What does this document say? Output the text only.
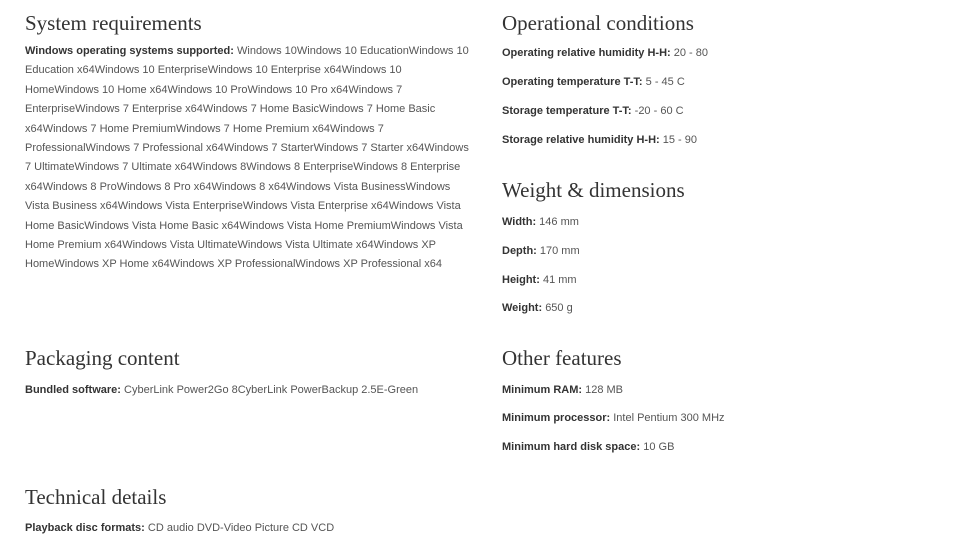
System requirements

Windows operating systems supported: Windows 10Windows 10 EducationWindows 10 Education x64Windows 10 EnterpriseWindows 10 Enterprise x64Windows 10 HomeWindows 10 Home x64Windows 10 ProWindows 10 Pro x64Windows 7 EnterpriseWindows 7 Enterprise x64Windows 7 Home BasicWindows 7 Home Basic x64Windows 7 Home PremiumWindows 7 Home Premium x64Windows 7 ProfessionalWindows 7 Professional x64Windows 7 StarterWindows 7 Starter x64Windows 7 UltimateWindows 7 Ultimate x64Windows 8Windows 8 EnterpriseWindows 8 Enterprise x64Windows 8 ProWindows 8 Pro x64Windows 8 x64Windows Vista BusinessWindows Vista Business x64Windows Vista EnterpriseWindows Vista Enterprise x64Windows Vista Home BasicWindows Vista Home Basic x64Windows Vista Home PremiumWindows Vista Home Premium x64Windows Vista UltimateWindows Vista Ultimate x64Windows XP HomeWindows XP Home x64Windows XP ProfessionalWindows XP Professional x64

Operational conditions
Operating relative humidity H-H: 20 - 80
Operating temperature T-T: 5 - 45 C
Storage temperature T-T: -20 - 60 C
Storage relative humidity H-H: 15 - 90
Weight & dimensions
Width: 146 mm
Depth: 170 mm
Height: 41 mm
Weight: 650 g
Packaging content
Bundled software: CyberLink Power2Go 8CyberLink PowerBackup 2.5E-Green
Other features
Minimum RAM: 128 MB
Minimum processor: Intel Pentium 300 MHz
Minimum hard disk space: 10 GB
Technical details
Playback disc formats: CD audio DVD-Video Picture CD VCD
